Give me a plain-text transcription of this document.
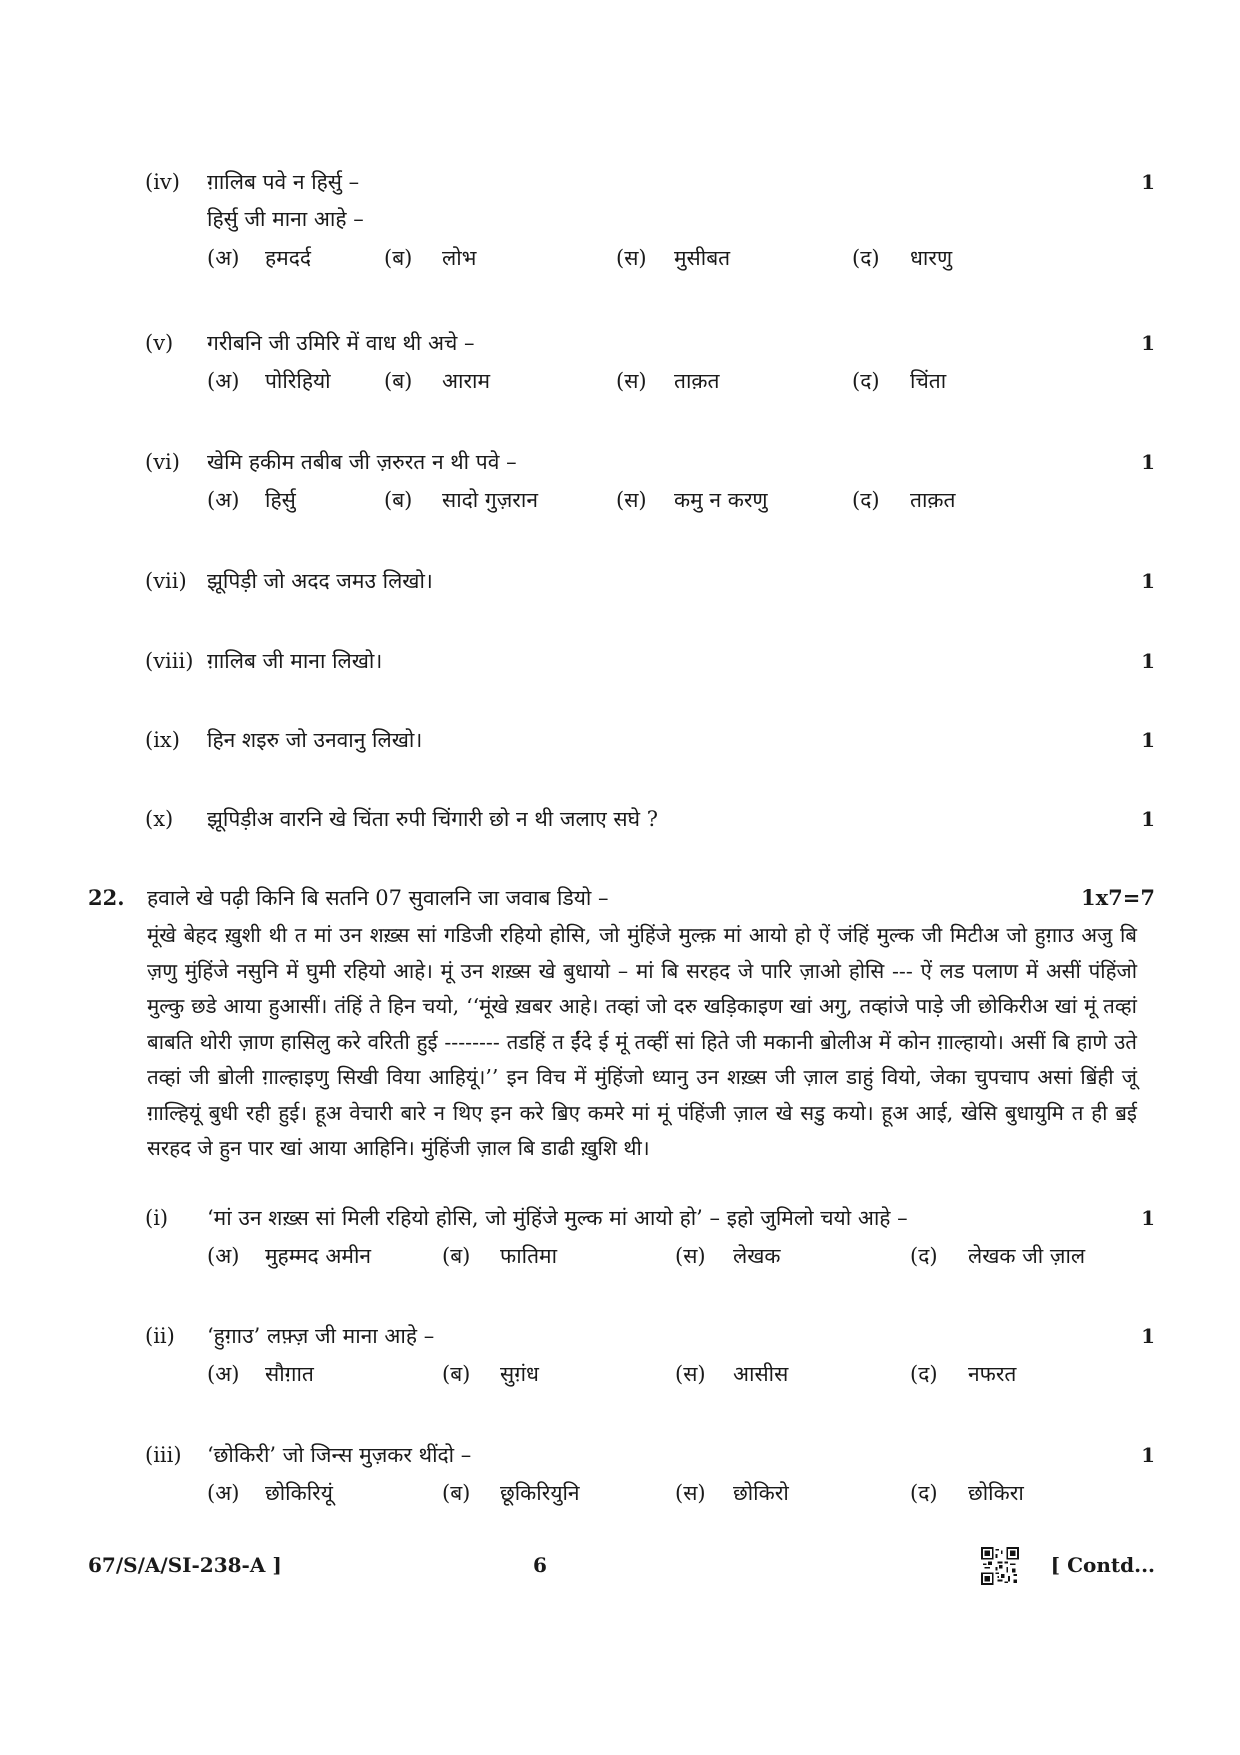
(iv)	ग़ालिब पवे न हिर्सु –	1
हिर्सु जी माना आहे –
(अ) हमदर्द	(ब) लोभ	(स) मुसीबत	(द) धारणु
(v)	गरीबनि जी उमिरि में वाध थी अचे –	1
(अ) पोरिहियो	(ब) आराम	(स) ताक़त	(द) चिंता
(vi)	खेमि हकीम तबीब जी ज़रुरत न थी पवे –	1
(अ) हिर्सु	(ब) सादो गुज़रान	(स) कमु न करणु	(द) ताक़त
(vii) झूपिड़ी जो अदद जमउ लिखो।	1
(viii) ग़ालिब जी माना लिखो।	1
(ix)	हिन शइरु जो उनवानु लिखो।	1
(x)	झूपिड़ीअ वारनि खे चिंता रुपी चिंगारी छो न थी जलाए सघे ?	1
22. हवाले खे पढ़ी किनि बि सतनि 07 सुवालनि जा जवाब डियो –	1x7=7
मूंखे बेहद ख़ुशी थी त मां उन शख़्स सां गडिजी रहियो होसि, जो मुंहिंजे मुल्क़ मां आयो हो ऐं जंहिं मुल्क जी मिटीअ जो हुग़ाउ अजु बि ज़णु मुंहिंजे नसुनि में घुमी रहियो आहे। मूं उन शख़्स खे बुधायो – मां बि सरहद जे पारि ज़ाओ होसि --- ऐं लड पलाण में असीं पंहिंजो मुल्कु छडे आया हुआसीं। तंहिं ते हिन चयो, ‘‘मूंखे ख़बर आहे। तव्हां जो दरु खड़िकाइण खां अगु, तव्हांजे पाड़े जी छोकिरीअ खां मूं तव्हां बाबति थोरी ज़ाण हासिलु करे वरिती हुई -------- तडहिं त ईंदे ई मूं तव्हीं सां हिते जी मकानी ॿोलीअ में कोन ग़ाल्हायो। असीं बि हाणे उते तव्हां जी ॿोली ग़ाल्हाइणु सिखी विया आहियूं।’’ इन विच में मुंहिंजो ध्यानु उन शख़्स जी ज़ाल डाहुं वियो, जेका चुपचाप असां ॿिंही जूं ग़ाल्हियूं बुधी रही हुई। हूअ वेचारी बारे न थिए इन करे ॿिए कमरे मां मूं पंहिंजी ज़ाल खे सडु कयो। हूअ आई, खेसि बुधायुमि त ही ॿई सरहद जे हुन पार खां आया आहिनि। मुंहिंजी ज़ाल बि डाढी ख़ुशि थी।
(i)	‘मां उन शख़्स सां मिली रहियो होसि, जो मुंहिंजे मुल्क मां आयो हो’ – इहो जुमिलो चयो आहे –	1
(अ) मुहम्मद अमीन	(ब) फातिमा	(स) लेखक	(द) लेखक जी ज़ाल
(ii)	‘हुग़ाउ’ लफ़्ज़ जी माना आहे –	1
(अ) सौग़ात	(ब) सुग़ंध	(स) आसीस	(द) नफरत
(iii)	‘छोकिरी’ जो जिन्स मुज़कर थींदो –	1
(अ) छोकिरियूं	(ब) छूकिरियुनि	(स) छोकिरो	(द) छोकिरा
67/S/A/SI-238-A ]	6	[ Contd...
